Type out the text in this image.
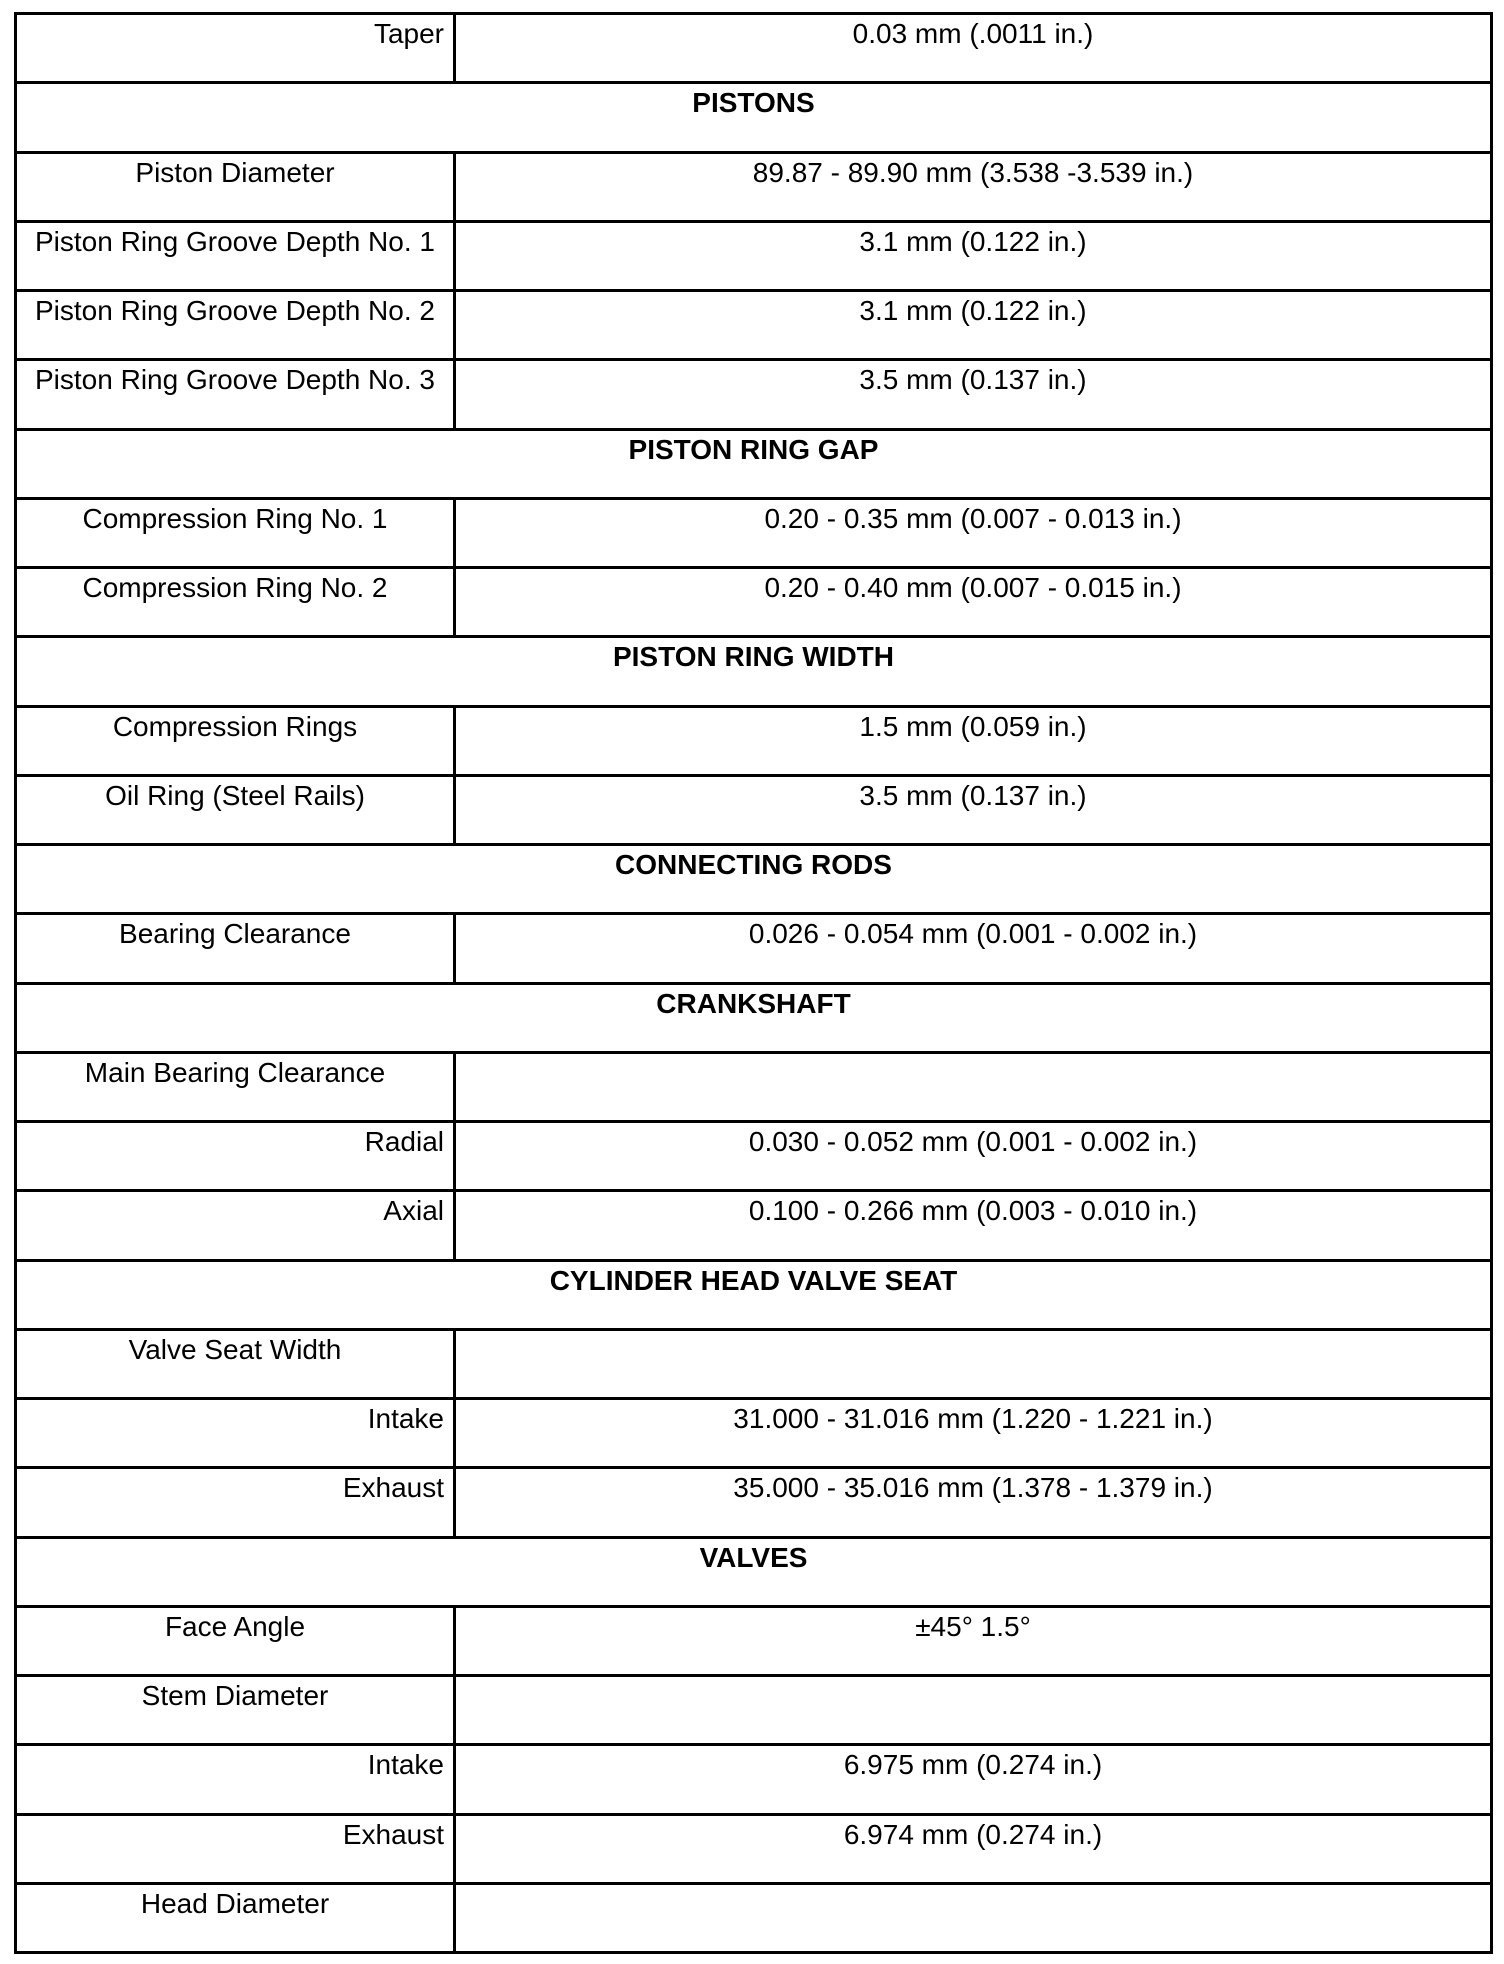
Taper	0.03 mm (.0011 in.)

PISTONS	

Piston Diameter	89.87 - 89.90 mm (3.538 -3.539 in.)

Piston Ring Groove Depth No. 1	3.1 mm (0.122 in.)

Piston Ring Groove Depth No. 2	3.1 mm (0.122 in.)

Piston Ring Groove Depth No. 3	3.5 mm (0.137 in.)

PISTON RING GAP	

Compression Ring No. 1	0.20 - 0.35 mm (0.007 - 0.013 in.)

Compression Ring No. 2	0.20 - 0.40 mm (0.007 - 0.015 in.)

PISTON RING WIDTH	

Compression Rings	1.5 mm (0.059 in.)

Oil Ring (Steel Rails)	3.5 mm (0.137 in.)

CONNECTING RODS	

Bearing Clearance	0.026 - 0.054 mm (0.001 - 0.002 in.)

CRANKSHAFT	

Main Bearing Clearance	

Radial	0.030 - 0.052 mm (0.001 - 0.002 in.)

Axial	0.100 - 0.266 mm (0.003 - 0.010 in.)

CYLINDER HEAD VALVE SEAT	

Valve Seat Width	

Intake	31.000 - 31.016 mm (1.220 - 1.221 in.)

Exhaust	35.000 - 35.016 mm (1.378 - 1.379 in.)

VALVES	

Face Angle	±45° 1.5°

Stem Diameter	

Intake	6.975 mm (0.274 in.)

Exhaust	6.974 mm (0.274 in.)

Head Diameter	
